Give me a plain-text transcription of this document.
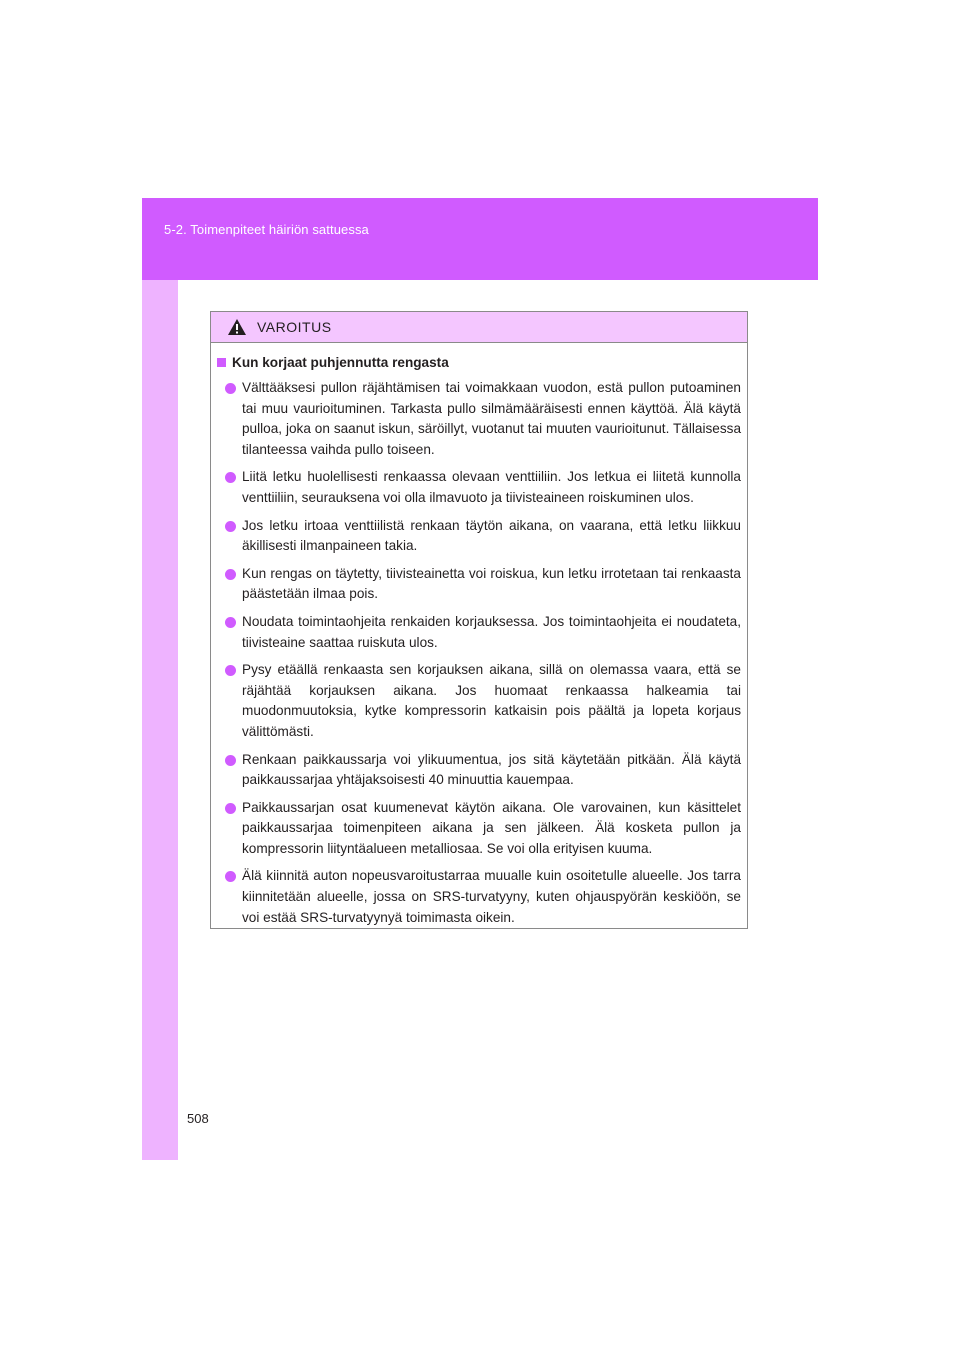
5-2. Toimenpiteet häiriön sattuessa
VAROITUS
Kun korjaat puhjennutta rengasta
Välttääksesi pullon räjähtämisen tai voimakkaan vuodon, estä pullon putoaminen tai muu vaurioituminen. Tarkasta pullo silmämääräisesti ennen käyttöä. Älä käytä pulloa, joka on saanut iskun, säröillyt, vuotanut tai muuten vaurioitunut. Tällaisessa tilanteessa vaihda pullo toiseen.
Liitä letku huolellisesti renkaassa olevaan venttiiliin. Jos letkua ei liitetä kunnolla venttiiliin, seurauksena voi olla ilmavuoto ja tiivisteaineen roiskuminen ulos.
Jos letku irtoaa venttiilistä renkaan täytön aikana, on vaarana, että letku liikkuu äkillisesti ilmanpaineen takia.
Kun rengas on täytetty, tiivisteainetta voi roiskua, kun letku irrotetaan tai renkaasta päästetään ilmaa pois.
Noudata toimintaohjeita renkaiden korjauksessa. Jos toimintaohjeita ei noudateta, tiivisteaine saattaa ruiskuta ulos.
Pysy etäällä renkaasta sen korjauksen aikana, sillä on olemassa vaara, että se räjähtää korjauksen aikana. Jos huomaat renkaassa halkeamia tai muodonmuutoksia, kytke kompressorin katkaisin pois päältä ja lopeta korjaus välittömästi.
Renkaan paikkaussarja voi ylikuumentua, jos sitä käytetään pitkään. Älä käytä paikkaussarjaa yhtäjaksoisesti 40 minuuttia kauempaa.
Paikkaussarjan osat kuumenevat käytön aikana. Ole varovainen, kun käsittelet paikkaussarjaa toimenpiteen aikana ja sen jälkeen. Älä kosketa pullon ja kompressorin liityntäalueen metalliosaa. Se voi olla erityisen kuuma.
Älä kiinnitä auton nopeusvaroitustarraa muualle kuin osoitetulle alueelle. Jos tarra kiinnitetään alueelle, jossa on SRS-turvatyyny, kuten ohjauspyörän keskiöön, se voi estää SRS-turvatyynyä toimimasta oikein.
508
